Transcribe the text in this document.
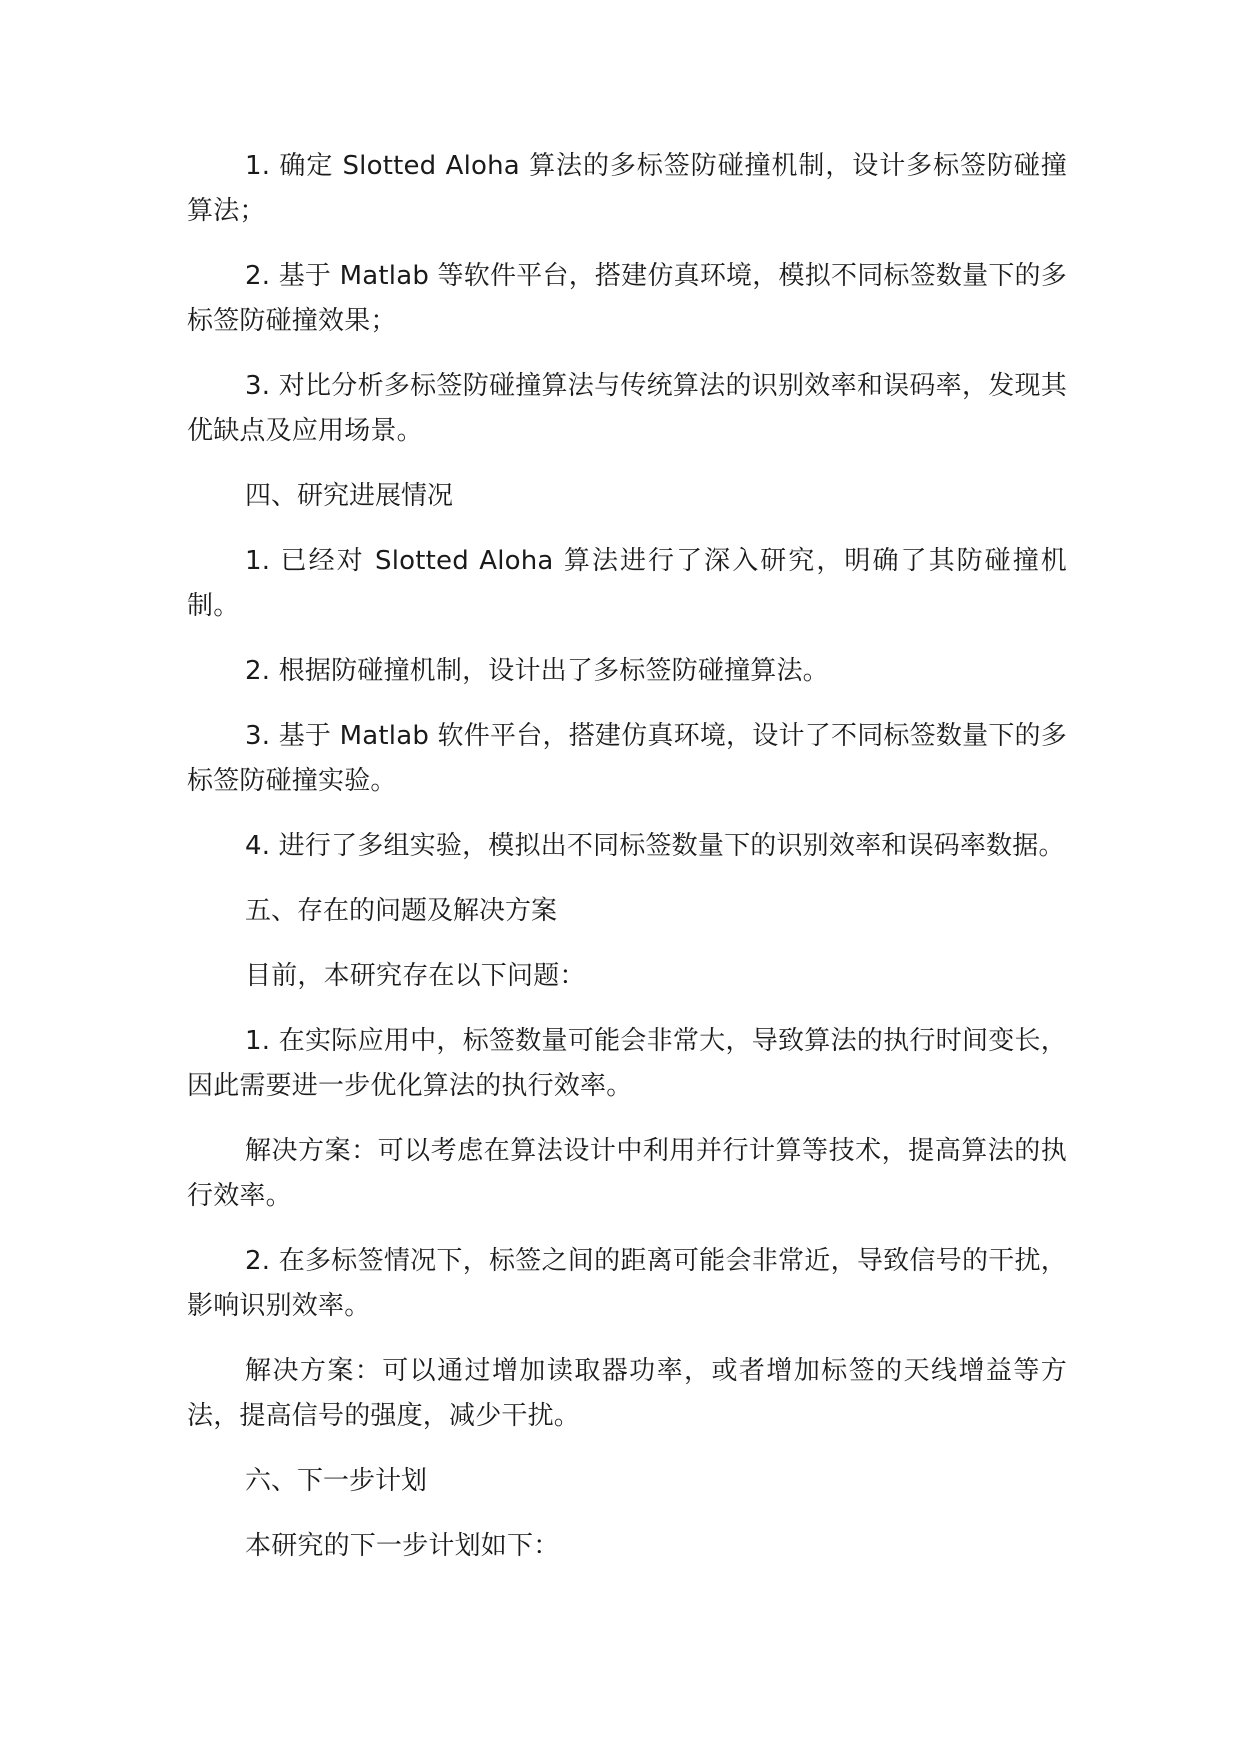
1. 确定 Slotted Aloha 算法的多标签防碰撞机制，设计多标签防碰撞算法；

2. 基于 Matlab 等软件平台，搭建仿真环境，模拟不同标签数量下的多标签防碰撞效果；

3. 对比分析多标签防碰撞算法与传统算法的识别效率和误码率，发现其优缺点及应用场景。

四、研究进展情况

1. 已经对 Slotted Aloha 算法进行了深入研究，明确了其防碰撞机制。

2. 根据防碰撞机制，设计出了多标签防碰撞算法。

3. 基于 Matlab 软件平台，搭建仿真环境，设计了不同标签数量下的多标签防碰撞实验。

4. 进行了多组实验，模拟出不同标签数量下的识别效率和误码率数据。

五、存在的问题及解决方案

目前，本研究存在以下问题：

1. 在实际应用中，标签数量可能会非常大，导致算法的执行时间变长，因此需要进一步优化算法的执行效率。

解决方案：可以考虑在算法设计中利用并行计算等技术，提高算法的执行效率。

2. 在多标签情况下，标签之间的距离可能会非常近，导致信号的干扰，影响识别效率。

解决方案：可以通过增加读取器功率，或者增加标签的天线增益等方法，提高信号的强度，减少干扰。

六、下一步计划

本研究的下一步计划如下：
